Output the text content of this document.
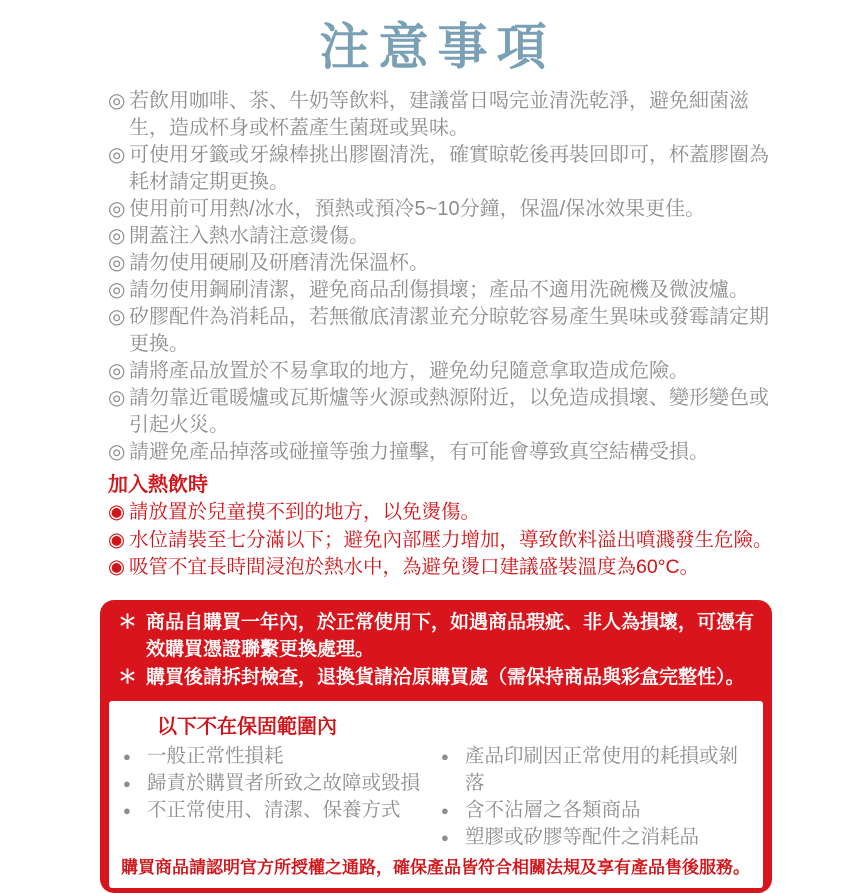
注意事項
◎ 若飲用咖啡、茶、牛奶等飲料，建議當日喝完並清洗乾淨，避免細菌滋生，造成杯身或杯蓋產生菌斑或異味。
◎ 可使用牙籤或牙線棒挑出膠圈清洗，確實晾乾後再裝回即可，杯蓋膠圈為耗材請定期更換。
◎ 使用前可用熱/冰水，預熱或預冷5~10分鐘，保溫/保冰效果更佳。
◎ 開蓋注入熱水請注意燙傷。
◎ 請勿使用硬刷及研磨清洗保溫杯。
◎ 請勿使用鋼刷清潔，避免商品刮傷損壞；產品不適用洗碗機及微波爐。
◎ 矽膠配件為消耗品，若無徹底清潔並充分晾乾容易產生異味或發霉請定期更換。
◎ 請將產品放置於不易拿取的地方，避免幼兒隨意拿取造成危險。
◎ 請勿靠近電暖爐或瓦斯爐等火源或熱源附近，以免造成損壞、變形變色或引起火災。
◎ 請避免產品掉落或碰撞等強力撞擊，有可能會導致真空結構受損。
加入熱飲時
◉ 請放置於兒童摸不到的地方，以免燙傷。
◉ 水位請裝至七分滿以下；避免內部壓力增加，導致飲料溢出噴濺發生危險。
◉ 吸管不宜長時間浸泡於熱水中，為避免燙口建議盛裝溫度為60°C。
＊ 商品自購買一年內，於正常使用下，如遇商品瑕疵、非人為損壞，可憑有效購買憑證聯繫更換處理。
＊ 購買後請拆封檢查，退換貨請洽原購買處（需保持商品與彩盒完整性）。
以下不在保固範圍內
● 一般正常性損耗
● 歸責於購買者所致之故障或毀損
● 不正常使用、清潔、保養方式
● 產品印刷因正常使用的耗損或剝落
● 含不沾層之各類商品
● 塑膠或矽膠等配件之消耗品

購買商品請認明官方所授權之通路，確保產品皆符合相關法規及享有產品售後服務。
